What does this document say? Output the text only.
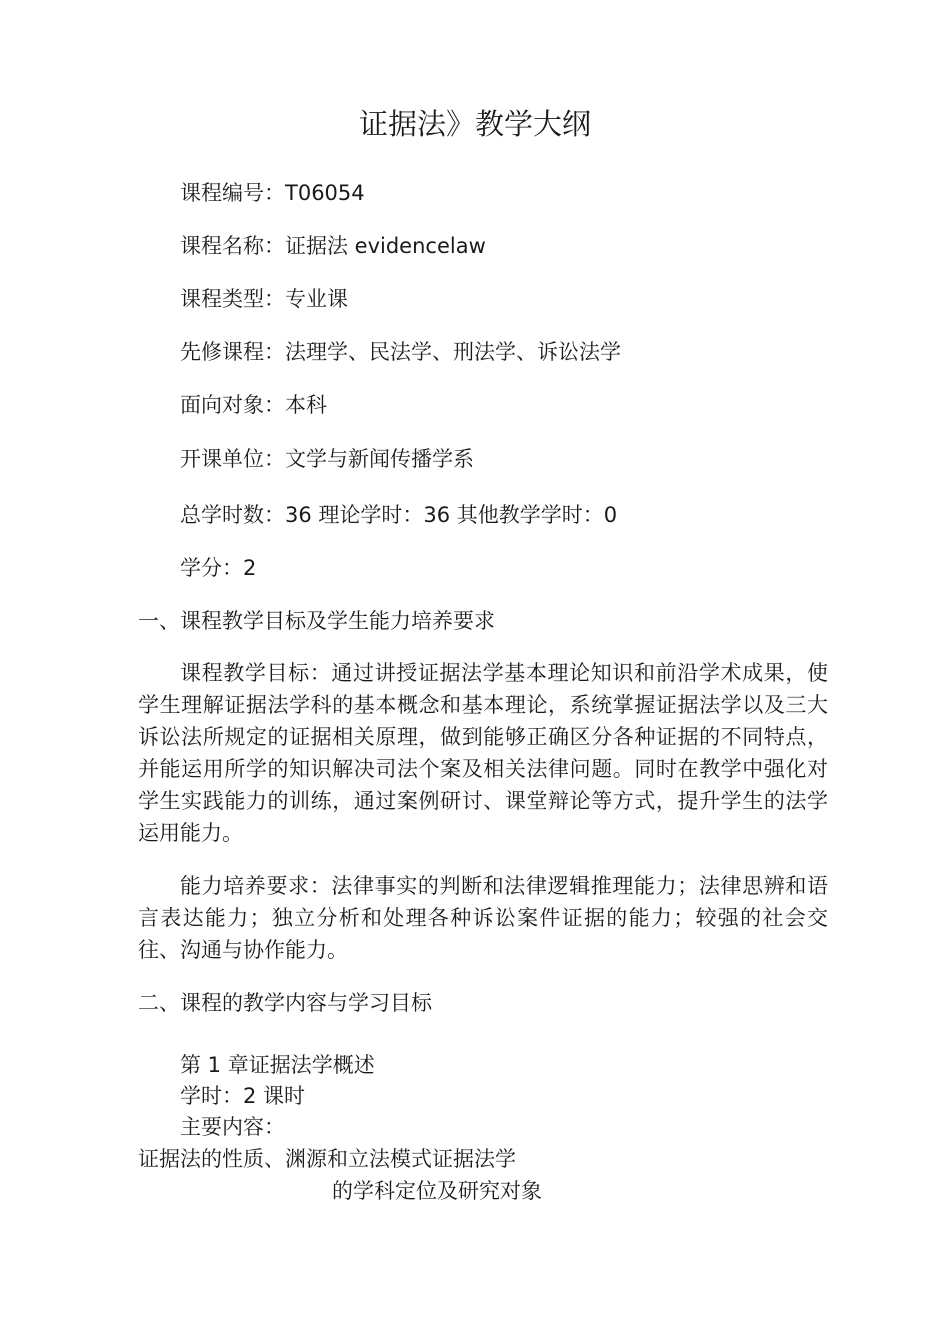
证据法》教学大纲
课程编号：T06054
课程名称：证据法 evidencelaw
课程类型：专业课
先修课程：法理学、民法学、刑法学、诉讼法学
面向对象：本科
开课单位：文学与新闻传播学系
总学时数：36 理论学时：36 其他教学学时：0
学分：2
一、课程教学目标及学生能力培养要求

课程教学目标：通过讲授证据法学基本理论知识和前沿学术成果，使学生理解证据法学科的基本概念和基本理论，系统掌握证据法学以及三大诉讼法所规定的证据相关原理，做到能够正确区分各种证据的不同特点，并能运用所学的知识解决司法个案及相关法律问题。同时在教学中强化对学生实践能力的训练，通过案例研讨、课堂辩论等方式，提升学生的法学运用能力。

能力培养要求：法律事实的判断和法律逻辑推理能力；法律思辨和语言表达能力；独立分析和处理各种诉讼案件证据的能力；较强的社会交往、沟通与协作能力。

二、课程的教学内容与学习目标
第 1 章证据法学概述
学时：2 课时
主要内容：
证据法的性质、渊源和立法模式证据法学
的学科定位及研究对象
